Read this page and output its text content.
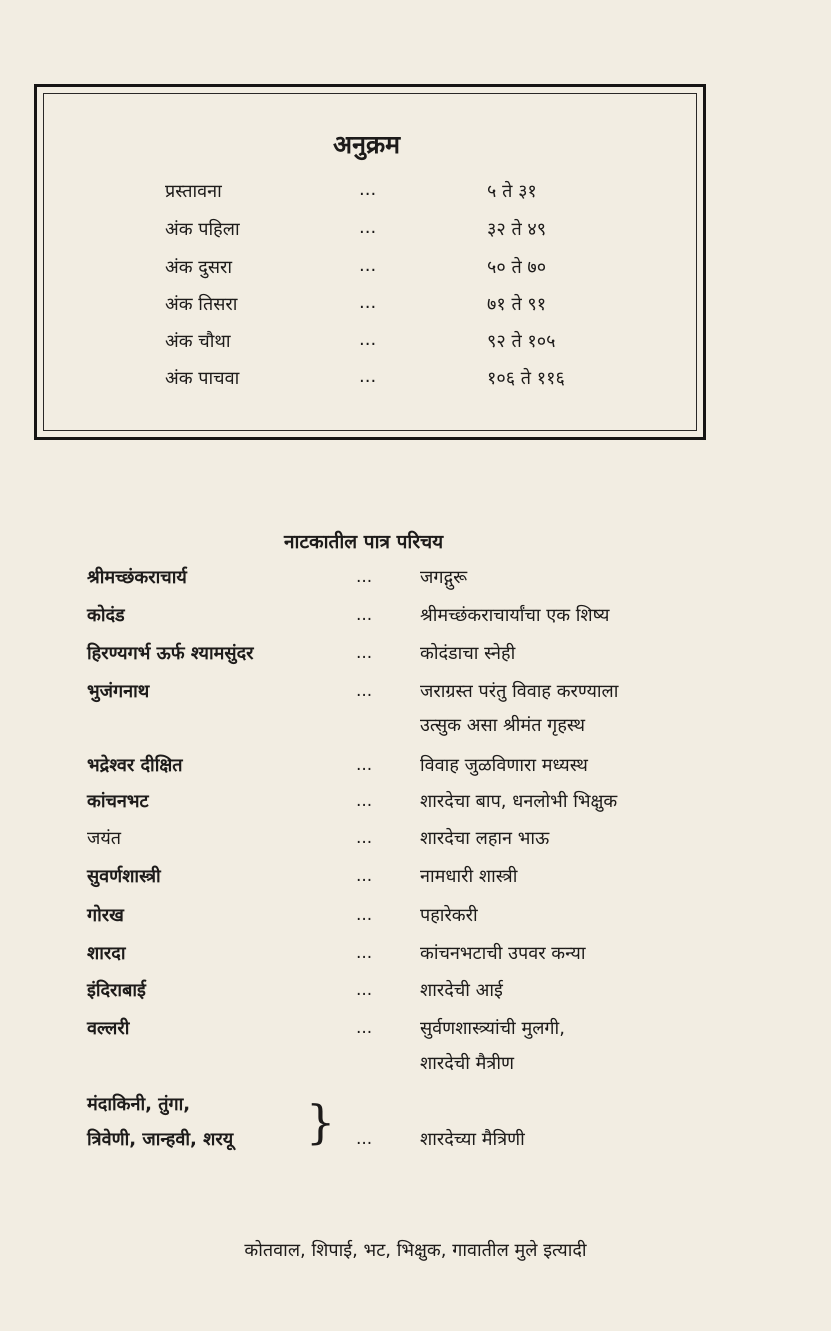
अनुक्रम
प्रस्तावना	...	५ ते ३१
अंक पहिला	...	३२ ते ४९
अंक दुसरा	...	५० ते ७०
अंक तिसरा	...	७१ ते ९१
अंक चौथा	...	९२ ते १०५
अंक पाचवा	...	१०६ ते ११६
नाटकातील पात्र परिचय
श्रीमच्छंकराचार्य	...	जगद्गुरू
कोदंड	...	श्रीमच्छंकराचार्यांचा एक शिष्य
हिरण्यगर्भ ऊर्फ श्यामसुंदर	...	कोदंडाचा स्नेही
भुजंगनाथ	...	जराग्रस्त परंतु विवाह करण्याला
उत्सुक असा श्रीमंत गृहस्थ
भद्रेश्वर दीक्षित	...	विवाह जुळविणारा मध्यस्थ
कांचनभट	...	शारदेचा बाप, धनलोभी भिक्षुक
जयंत	...	शारदेचा लहान भाऊ
सुवर्णशास्त्री	...	नामधारी शास्त्री
गोरख	...	पहारेकरी
शारदा	...	कांचनभटाची उपवर कन्या
इंदिराबाई	...	शारदेची आई
वल्लरी	...	सुर्वणशास्त्र्यांची मुलगी,
शारदेची मैत्रीण
मंदाकिनी, तुंगा,	}
त्रिवेणी, जान्हवी, शरयू	...	शारदेच्या मैत्रिणी
कोतवाल, शिपाई, भट, भिक्षुक, गावातील मुले इत्यादी
